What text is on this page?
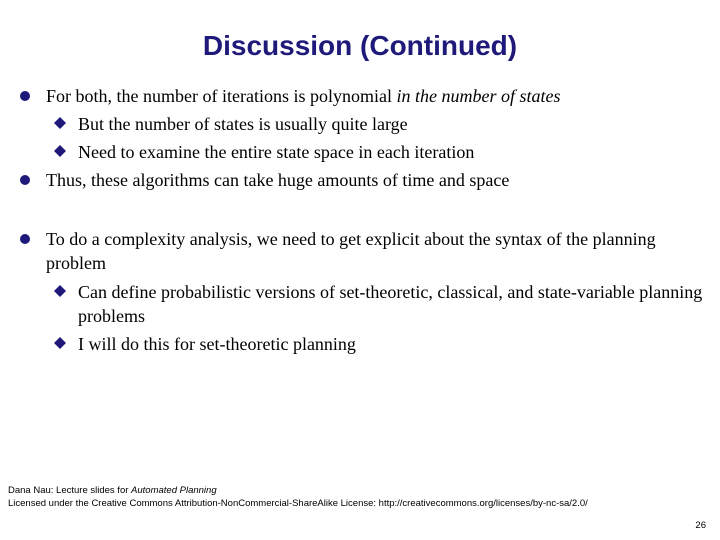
Discussion (Continued)
For both, the number of iterations is polynomial in the number of states
But the number of states is usually quite large
Need to examine the entire state space in each iteration
Thus, these algorithms can take huge amounts of time and space
To do a complexity analysis, we need to get explicit about the syntax of the planning problem
Can define probabilistic versions of set-theoretic, classical, and state-variable planning problems
I will do this for set-theoretic planning
Dana Nau: Lecture slides for Automated Planning
Licensed under the Creative Commons Attribution-NonCommercial-ShareAlike License: http://creativecommons.org/licenses/by-nc-sa/2.0/
26
